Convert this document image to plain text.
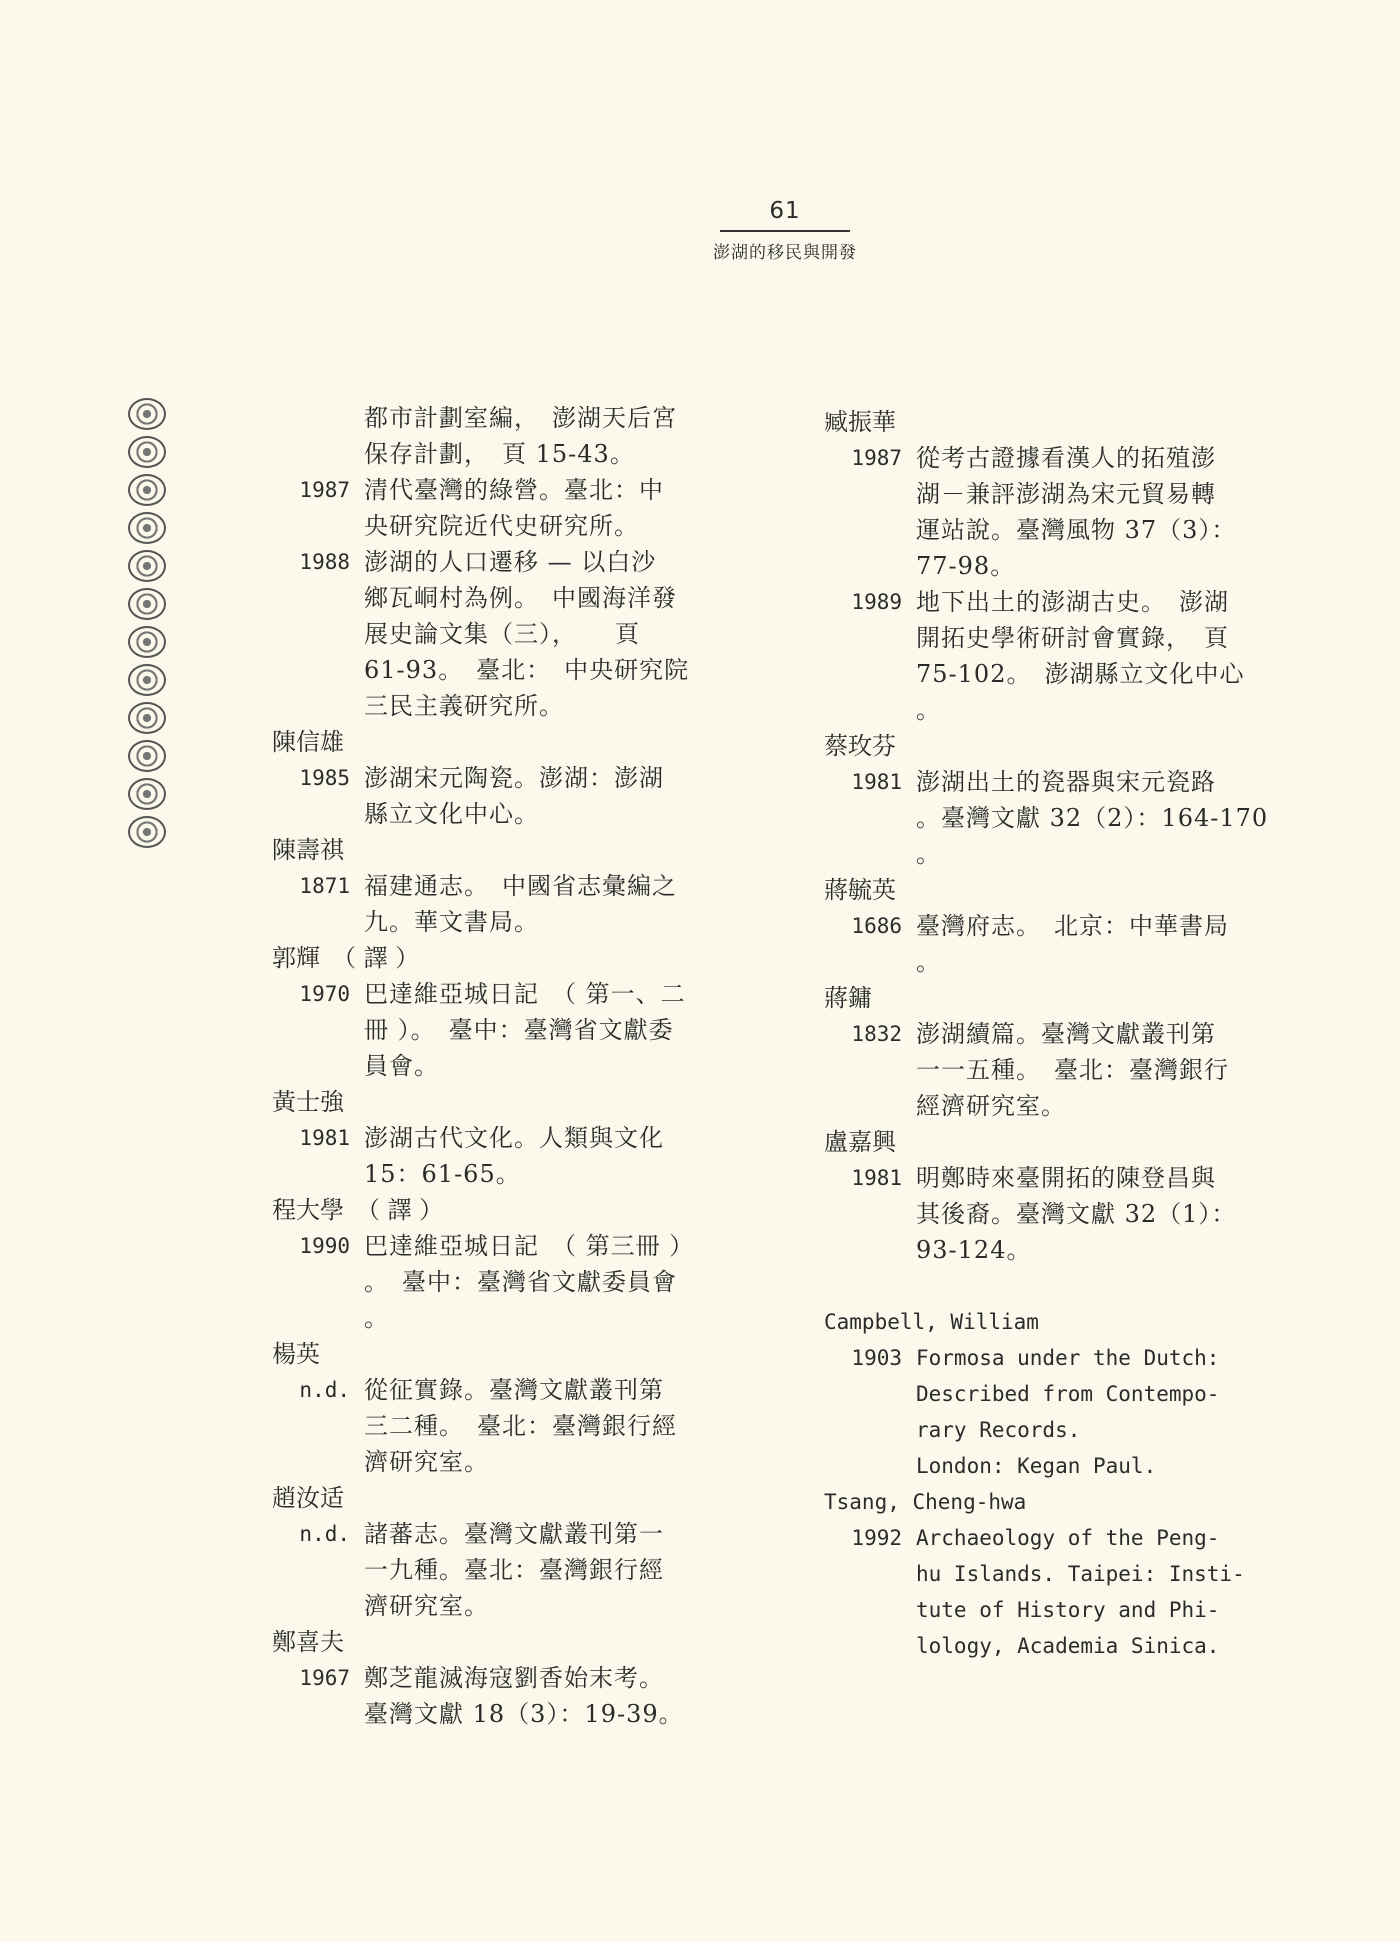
61
澎湖的移民與開發
都市計劃室編，　澎湖天后宮
保存計劃，　頁 15-43。
1987 清代臺灣的綠營。臺北：中
央研究院近代史研究所。
1988 澎湖的人口遷移 — 以白沙
鄉瓦峒村為例。　中國海洋發
展史論文集（三），　　頁
61-93。　臺北：　中央研究院
三民主義研究所。
陳信雄
1985 澎湖宋元陶瓷。澎湖：澎湖
縣立文化中心。
陳壽祺
1871 福建通志。　中國省志彙編之
九。華文書局。
郭輝　（ 譯 ）
1970 巴達維亞城日記　（ 第一、二
冊 ）。　臺中：臺灣省文獻委
員會。
黃士強
1981 澎湖古代文化。人類與文化
15：61-65。
程大學　（ 譯 ）
1990 巴達維亞城日記　（ 第三冊 ）
。　臺中：臺灣省文獻委員會
。
楊英
n.d. 從征實錄。臺灣文獻叢刊第
三二種。　臺北：臺灣銀行經
濟研究室。
趙汝适
n.d. 諸蕃志。臺灣文獻叢刊第一
一九種。臺北：臺灣銀行經
濟研究室。
鄭喜夫
1967 鄭芝龍滅海寇劉香始末考。
臺灣文獻 18（3）：19-39。
臧振華
1987 從考古證據看漢人的拓殖澎
湖－兼評澎湖為宋元貿易轉
運站說。臺灣風物 37（3）：
77-98。
1989 地下出土的澎湖古史。　澎湖
開拓史學術研討會實錄，　頁
75-102。　澎湖縣立文化中心
。
蔡玫芬
1981 澎湖出土的瓷器與宋元瓷路
。臺灣文獻 32（2）：164-170
。
蔣毓英
1686 臺灣府志。　北京：中華書局
。
蔣鏞
1832 澎湖續篇。臺灣文獻叢刊第
一一五種。　臺北：臺灣銀行
經濟研究室。
盧嘉興
1981 明鄭時來臺開拓的陳登昌與
其後裔。臺灣文獻 32（1）：
93-124。
Campbell, William
1903 Formosa under the Dutch:
Described from Contempo-
rary Records.
London: Kegan Paul.
Tsang, Cheng-hwa
1992 Archaeology of the Peng-
hu Islands. Taipei: Insti-
tute of History and Phi-
lology, Academia Sinica.
